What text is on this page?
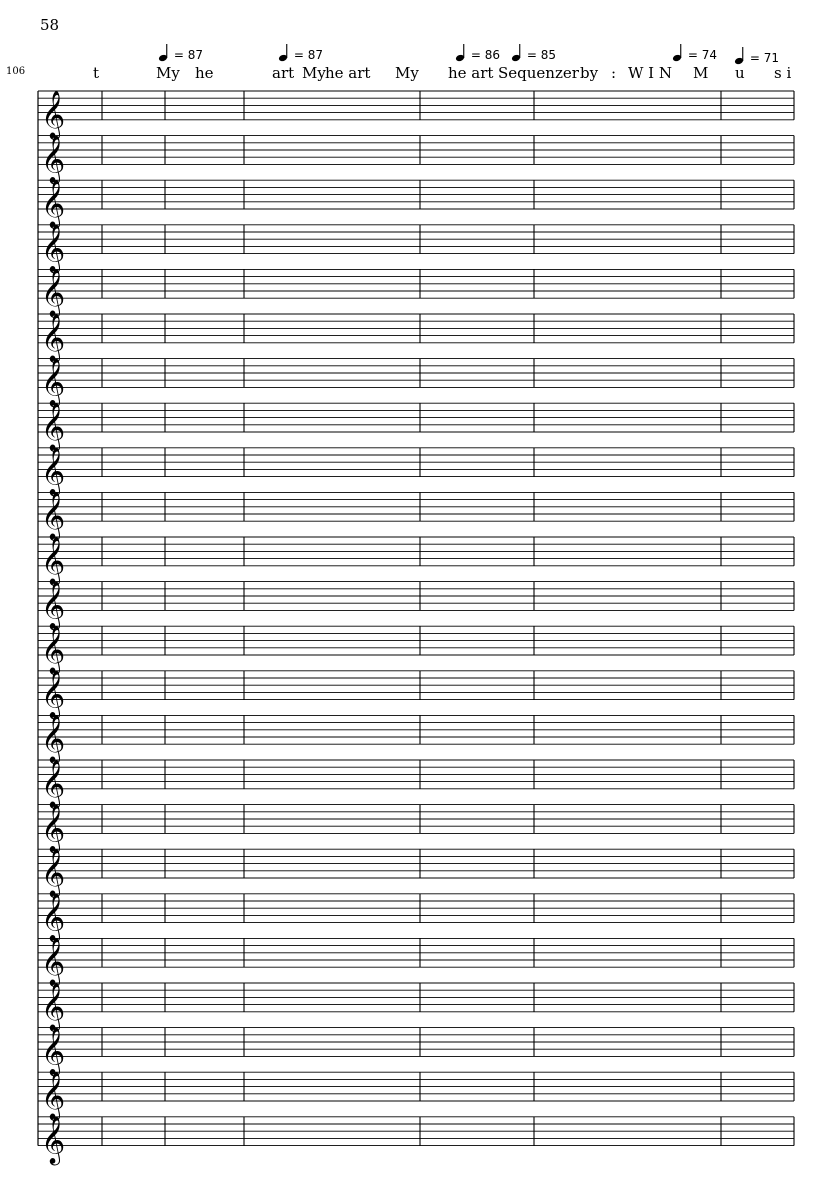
58
106
= 87	= 87	= 86	= 85	= 74	= 71
t	My he	art My he art My he art Sequenzer by : W I N M u s i
𝄞
𝄞
𝄞
𝄞
𝄞
𝄞
𝄞
𝄞
𝄞
𝄞
𝄞
𝄞
𝄞
𝄞
𝄞
𝄞
𝄞
𝄞
𝄞
𝄞
𝄞
𝄞
𝄞
𝄞
